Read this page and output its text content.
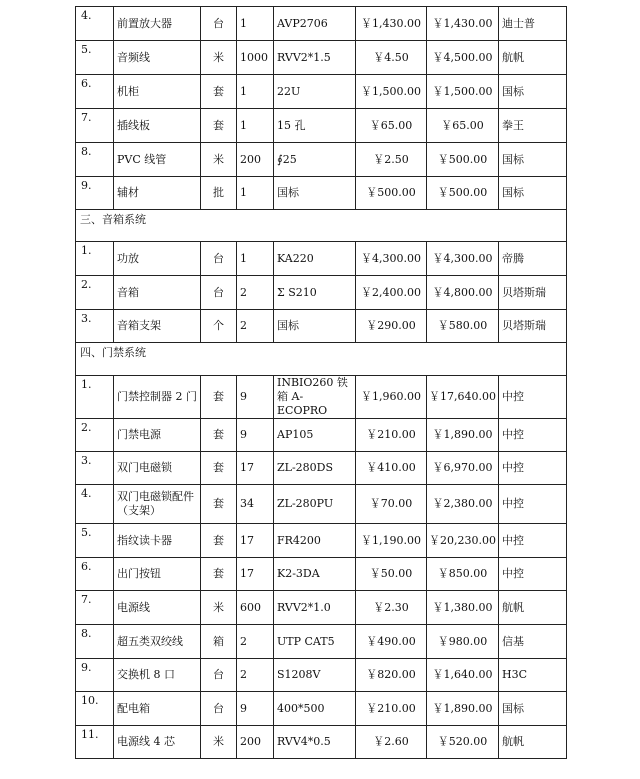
4.	前置放大器	台	1	AVP2706	￥1,430.00	￥1,430.00	迪士普
5.	音频线	米	1000	RVV2*1.5	￥4.50	￥4,500.00	航帆
6.	机柜	套	1	22U	￥1,500.00	￥1,500.00	国标
7.	插线板	套	1	15 孔	￥65.00	￥65.00	拳王
8.	PVC 线管	米	200	∮25	￥2.50	￥500.00	国标
9.	辅材	批	1	国标	￥500.00	￥500.00	国标
三、音箱系统							
1.	功放	台	1	KA220	￥4,300.00	￥4,300.00	帝腾
2.	音箱	台	2	Σ S210	￥2,400.00	￥4,800.00	贝塔斯瑞
3.	音箱支架	个	2	国标	￥290.00	￥580.00	贝塔斯瑞
四、门禁系统							
1.	门禁控制器 2 门	套	9	INBIO260 铁箱 A-ECOPRO	￥1,960.00	￥17,640.00	中控
2.	门禁电源	套	9	AP105	￥210.00	￥1,890.00	中控
3.	双门电磁锁	套	17	ZL-280DS	￥410.00	￥6,970.00	中控
4.	双门电磁锁配件（支架）	套	34	ZL-280PU	￥70.00	￥2,380.00	中控
5.	指纹读卡器	套	17	FR4200	￥1,190.00	￥20,230.00	中控
6.	出门按钮	套	17	K2-3DA	￥50.00	￥850.00	中控
7.	电源线	米	600	RVV2*1.0	￥2.30	￥1,380.00	航帆
8.	超五类双绞线	箱	2	UTP CAT5	￥490.00	￥980.00	信基
9.	交换机 8 口	台	2	S1208V	￥820.00	￥1,640.00	H3C
10.	配电箱	台	9	400*500	￥210.00	￥1,890.00	国标
11.	电源线 4 芯	米	200	RVV4*0.5	￥2.60	￥520.00	航帆
